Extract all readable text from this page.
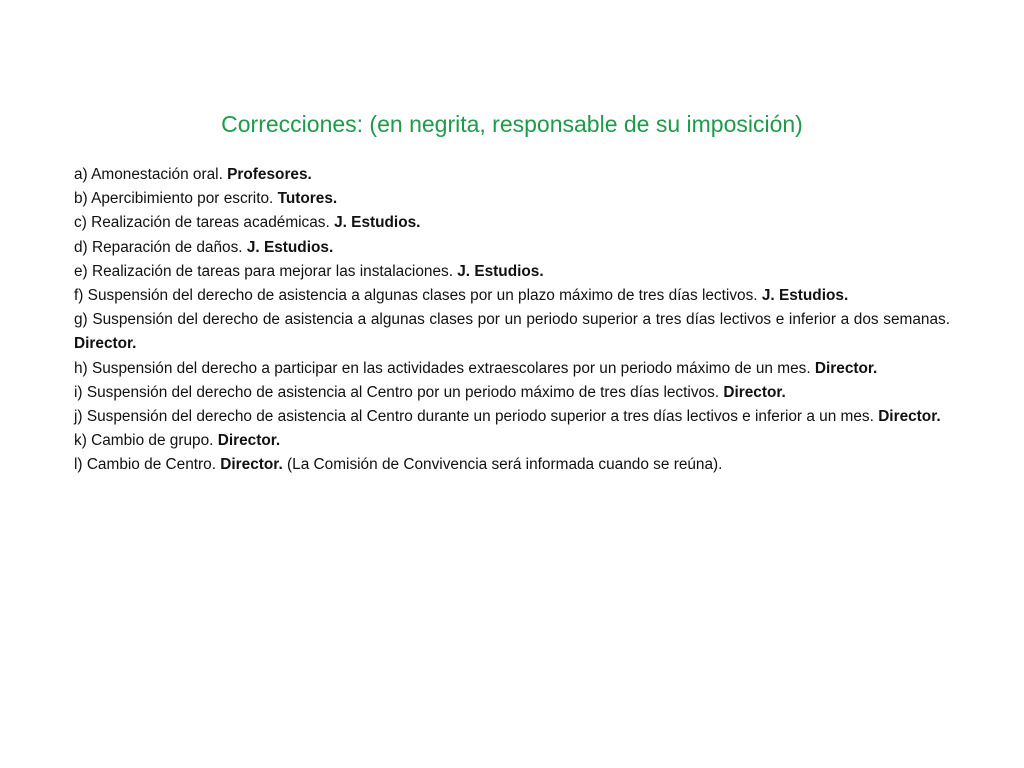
Correcciones: (en negrita, responsable de su imposición)
a) Amonestación oral. Profesores.
b) Apercibimiento por escrito. Tutores.
c) Realización de tareas académicas. J. Estudios.
d) Reparación de daños. J. Estudios.
e) Realización de tareas para mejorar las instalaciones. J. Estudios.
f) Suspensión del derecho de asistencia a algunas clases por un plazo máximo de tres días lectivos. J. Estudios.
g) Suspensión del derecho de asistencia a algunas clases por un periodo superior a tres días lectivos e inferior a dos semanas. Director.
h) Suspensión del derecho a participar en las actividades extraescolares por un periodo máximo de un mes. Director.
i) Suspensión del derecho de asistencia al Centro por un periodo máximo de tres días lectivos. Director.
j) Suspensión del derecho de asistencia al Centro durante un periodo superior a tres días lectivos e inferior a un mes. Director.
k) Cambio de grupo. Director.
l) Cambio de Centro. Director. (La Comisión de Convivencia será informada cuando se reúna).
